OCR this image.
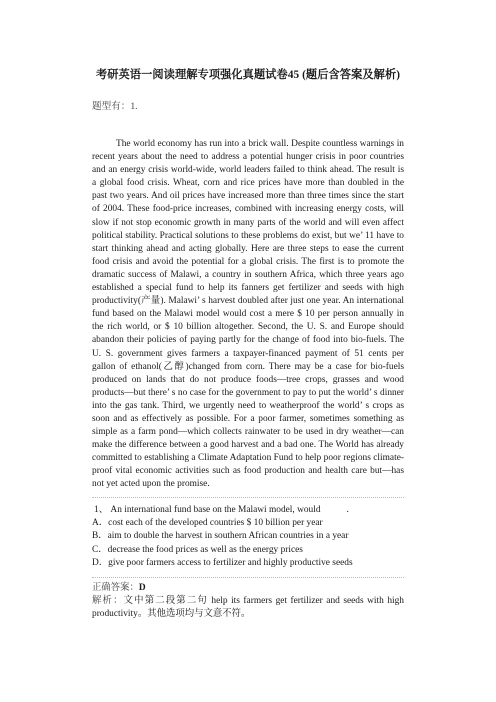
考研英语一阅读理解专项强化真题试卷45 (题后含答案及解析)
题型有：1.

The world economy has run into a brick wall. Despite countless warnings in recent years about the need to address a potential hunger crisis in poor countries and an energy crisis world-wide, world leaders failed to think ahead. The result is a global food crisis. Wheat, corn and rice prices have more than doubled in the past two years. And oil prices have increased more than three times since the start of 2004. These food-price increases, combined with increasing energy costs, will slow if not stop economic growth in many parts of the world and will even affect political stability. Practical solutions to these problems do exist, but we’ 11 have to start thinking ahead and acting globally. Here are three steps to ease the current food crisis and avoid the potential for a global crisis. The first is to promote the dramatic success of Malawi, a country in southern Africa, which three years ago established a special fund to help its fanners get fertilizer and seeds with high productivity(产量). Malawi’ s harvest doubled after just one year. An international fund based on the Malawi model would cost a mere $ 10 per person annually in the rich world, or $ 10 billion altogether. Second, the U. S. and Europe should abandon their policies of paying partly for the change of food into bio-fuels. The U. S. government gives farmers a taxpayer-financed payment of 51 cents per gallon of ethanol(乙醇)changed from corn. There may be a case for bio-fuels produced on lands that do not produce foods—tree crops, grasses and wood products—but there’ s no case for the government to pay to put the world’ s dinner into the gas tank. Third, we urgently need to weatherproof the world’ s crops as soon and as effectively as possible. For a poor farmer, sometimes something as simple as a farm pond—which collects rainwater to be used in dry weather—can make the difference between a good harvest and a bad one. The World has already committed to establishing a Climate Adaptation Fund to help poor regions climate-proof vital economic activities such as food production and health care but—has not yet acted upon the promise.

1、 An international fund base on the Malawi model, would	.
A．cost each of the developed countries $ 10 billion per year
B．aim to double the harvest in southern African countries in a year
C．decrease the food prices as well as the energy prices
D．give poor farmers access to fertilizer and highly productive seeds
正确答案：D
解析：文中第二段第二句 help its farmers get fertilizer and seeds with high productivity。其他选项均与文意不符。
